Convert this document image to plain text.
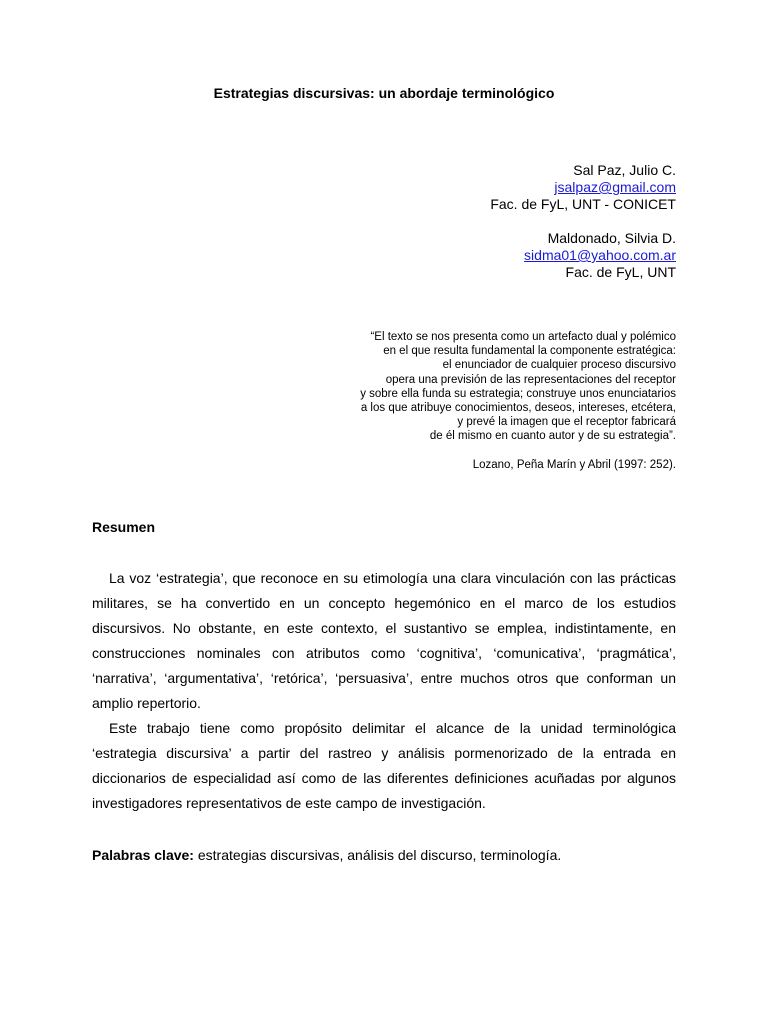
Estrategias discursivas: un abordaje terminológico
Sal Paz, Julio C.
jsalpaz@gmail.com
Fac. de FyL, UNT - CONICET
Maldonado, Silvia D.
sidma01@yahoo.com.ar
Fac. de FyL, UNT
“El texto se nos presenta como un artefacto dual y polémico
en el que resulta fundamental la componente estratégica:
el enunciador de cualquier proceso discursivo
opera una previsión de las representaciones del receptor
y sobre ella funda su estrategia; construye unos enunciatarios
a los que atribuye conocimientos, deseos, intereses, etcétera,
y prevé la imagen que el receptor fabricará
de él mismo en cuanto autor y de su estrategia”.
Lozano, Peña Marín y Abril (1997: 252).
Resumen

La voz ‘estrategia’, que reconoce en su etimología una clara vinculación con las prácticas militares, se ha convertido en un concepto hegemónico en el marco de los estudios discursivos. No obstante, en este contexto, el sustantivo se emplea, indistintamente, en construcciones nominales con atributos como ‘cognitiva’, ‘comunicativa’, ‘pragmática’, ‘narrativa’, ‘argumentativa’, ‘retórica’, ‘persuasiva’, entre muchos otros que conforman un amplio repertorio.

Este trabajo tiene como propósito delimitar el alcance de la unidad terminológica ‘estrategia discursiva’ a partir del rastreo y análisis pormenorizado de la entrada en diccionarios de especialidad así como de las diferentes definiciones acuñadas por algunos investigadores representativos de este campo de investigación.

Palabras clave: estrategias discursivas, análisis del discurso, terminología.
